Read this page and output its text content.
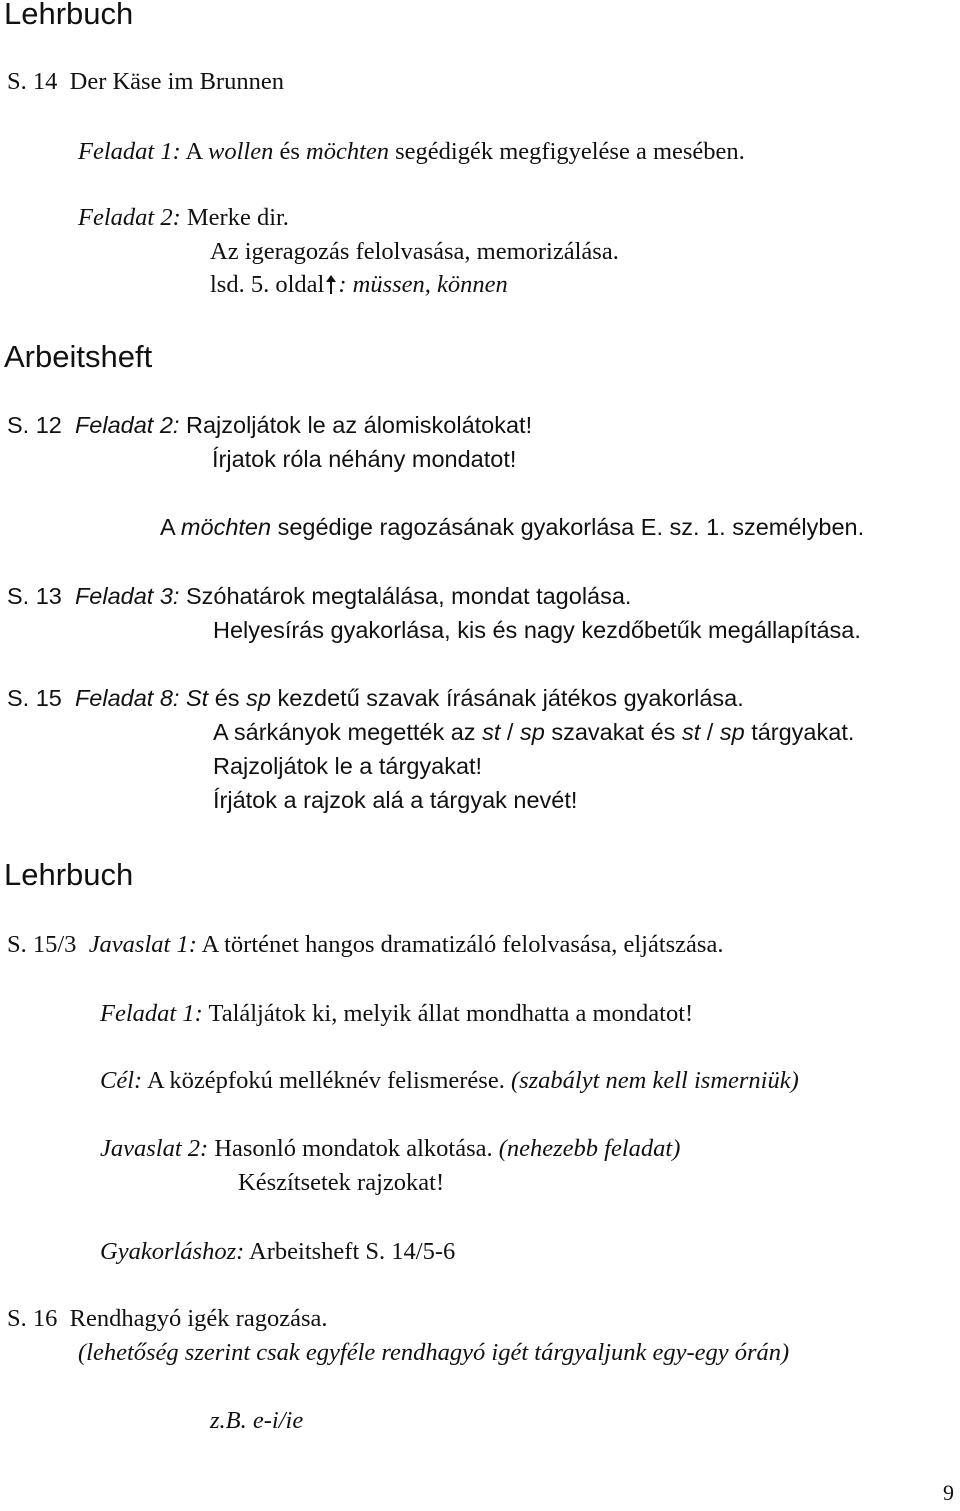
Lehrbuch
S. 14 Der Käse im Brunnen
Feladat 1: A wollen és möchten segédigék megfigyelése a mesében.
Feladat 2: Merke dir.
Az igeragozás felolvasása, memorizálása.
lsd. 5. oldal : müssen, können
Arbeitsheft
S. 12 Feladat 2: Rajzoljátok le az álomiskolátokat!
Írjatok róla néhány mondatot!
A möchten segédige ragozásának gyakorlása E. sz. 1. személyben.
S. 13 Feladat 3: Szóhatárok megtalálása, mondat tagolása.
Helyesírás gyakorlása, kis és nagy kezdőbetűk megállapítása.
S. 15 Feladat 8: St és sp kezdetű szavak írásának játékos gyakorlása.
A sárkányok megették az st / sp szavakat és st / sp tárgyakat.
Rajzoljátok le a tárgyakat!
Írjátok a rajzok alá a tárgyak nevét!
Lehrbuch
S. 15/3 Javaslat 1: A történet hangos dramatizáló felolvasása, eljátszása.
Feladat 1: Találjátok ki, melyik állat mondhatta a mondatot!
Cél: A középfokú melléknév felismerése. (szabályt nem kell ismerniük)
Javaslat 2: Hasonló mondatok alkotása. (nehezebb feladat)
Készítsetek rajzokat!
Gyakorláshoz: Arbeitsheft S. 14/5-6
S. 16 Rendhagyó igék ragozása.
(lehetőség szerint csak egyféle rendhagyó igét tárgyaljunk egy-egy órán)
z.B. e-i/ie
9
